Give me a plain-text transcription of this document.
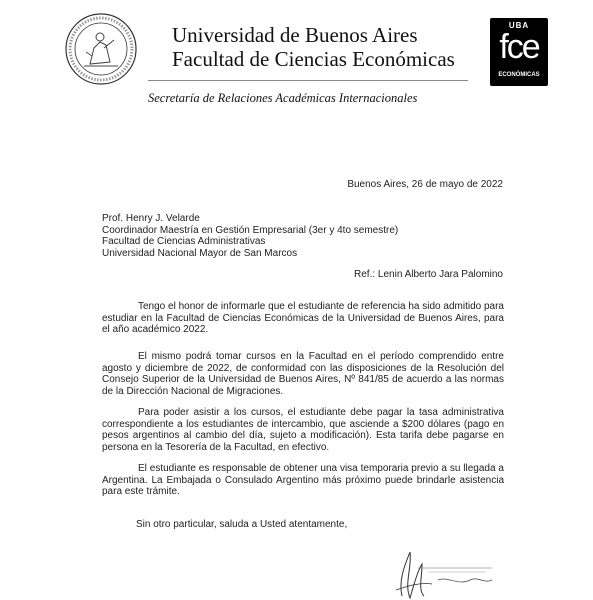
Universidad de Buenos Aires
Facultad de Ciencias Económicas
Secretaría de Relaciones Académicas Internacionales
UBA
fce
ECONÓMICAS
Buenos Aires, 26 de mayo de 2022
Prof. Henry J. Velarde
Coordinador Maestría en Gestión Empresarial (3er y 4to semestre)
Facultad de Ciencias Administrativas
Universidad Nacional Mayor de San Marcos
Ref.: Lenin Alberto Jara Palomino

Tengo el honor de informarle que el estudiante de referencia ha sido admitido para estudiar en la Facultad de Ciencias Económicas de la Universidad de Buenos Aires, para el año académico 2022.

El mismo podrá tomar cursos en la Facultad en el período comprendido entre agosto y diciembre de 2022, de conformidad con las disposiciones de la Resolución del Consejo Superior de la Universidad de Buenos Aires, Nº 841/85 de acuerdo a las normas de la Dirección Nacional de Migraciones.

Para poder asistir a los cursos, el estudiante debe pagar la tasa administrativa correspondiente a los estudiantes de intercambio, que asciende a $200 dólares (pago en pesos argentinos al cambio del día, sujeto a modificación). Esta tarifa debe pagarse en persona en la Tesorería de la Facultad, en efectivo.

El estudiante es responsable de obtener una visa temporaria previo a su llegada a Argentina. La Embajada o Consulado Argentino más próximo puede brindarle asistencia para este trámite.

Sin otro particular, saluda a Usted atentamente,
